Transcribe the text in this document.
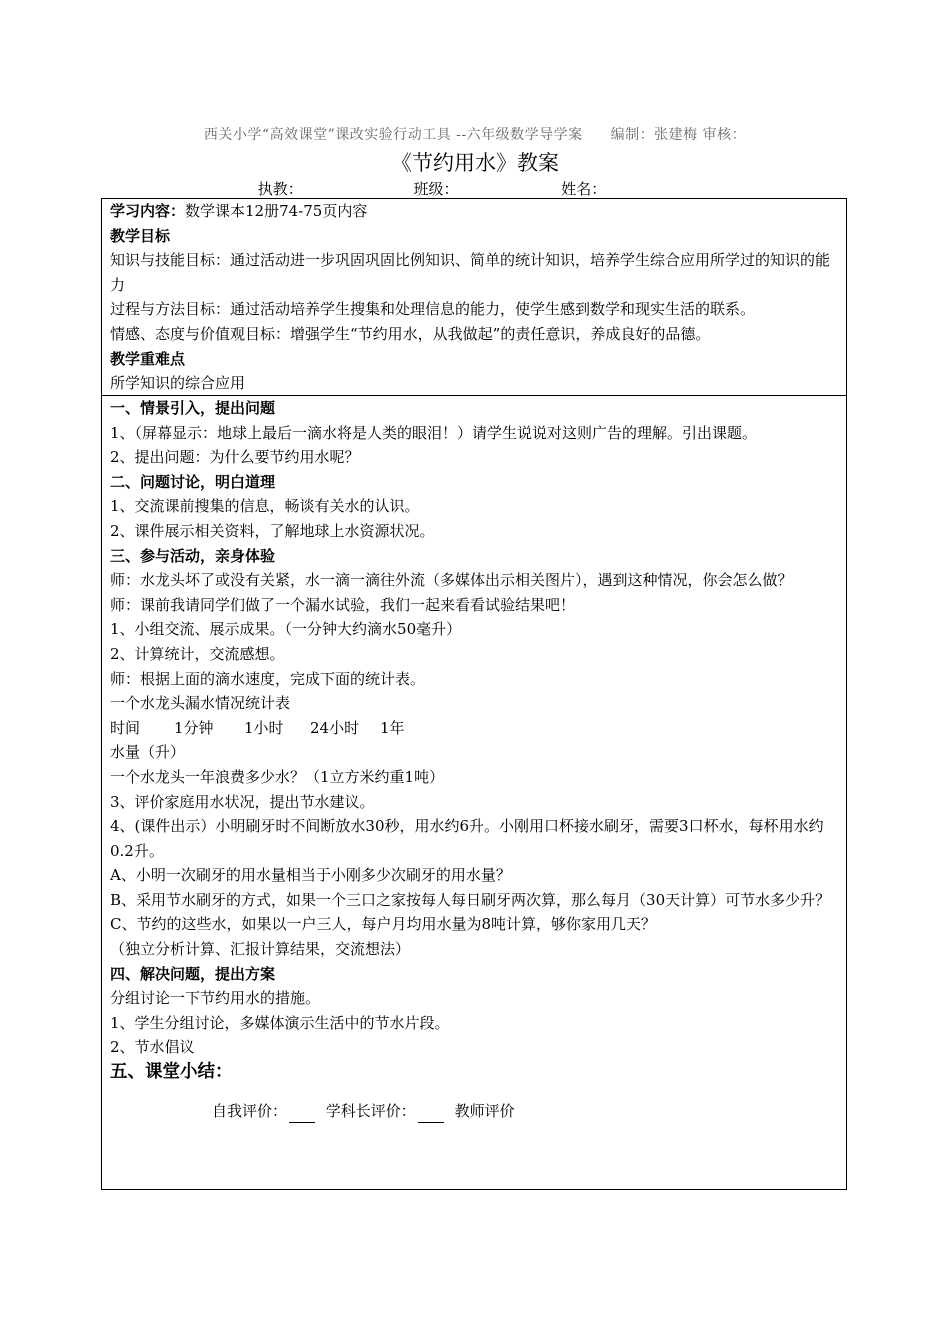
西关小学“高效课堂”课改实验行动工具 --六年级数学导学案 编制：张建梅 审核：
《节约用水》教案
执教：	班级：	姓名：
学习内容：数学课本12册74-75页内容
教学目标
知识与技能目标：通过活动进一步巩固巩固比例知识、简单的统计知识，培养学生综合应用所学过的知识的能力
过程与方法目标：通过活动培养学生搜集和处理信息的能力，使学生感到数学和现实生活的联系。
情感、态度与价值观目标：增强学生“节约用水，从我做起”的责任意识，养成良好的品德。
教学重难点
所学知识的综合应用
一、情景引入，提出问题
1、（屏幕显示：地球上最后一滴水将是人类的眼泪！）请学生说说对这则广告的理解。引出课题。
2、提出问题：为什么要节约用水呢？
二、问题讨论，明白道理
1、交流课前搜集的信息，畅谈有关水的认识。
2、课件展示相关资料，了解地球上水资源状况。
三、参与活动，亲身体验
师：水龙头坏了或没有关紧，水一滴一滴往外流（多媒体出示相关图片），遇到这种情况，你会怎么做？
师：课前我请同学们做了一个漏水试验，我们一起来看看试验结果吧！
1、小组交流、展示成果。（一分钟大约滴水50毫升）
2、计算统计，交流感想。
师：根据上面的滴水速度，完成下面的统计表。
一个水龙头漏水情况统计表
时间 1分钟 1小时 24小时 1年
水量（升）
一个水龙头一年浪费多少水？（1立方米约重1吨）
3、评价家庭用水状况，提出节水建议。
4、(课件出示）小明刷牙时不间断放水30秒，用水约6升。小刚用口杯接水刷牙，需要3口杯水，每杯用水约0.2升。
A、小明一次刷牙的用水量相当于小刚多少次刷牙的用水量？
B、采用节水刷牙的方式，如果一个三口之家按每人每日刷牙两次算，那么每月（30天计算）可节水多少升？
C、节约的这些水，如果以一户三人，每户月均用水量为8吨计算，够你家用几天？
（独立分析计算、汇报计算结果，交流想法）
四、解决问题，提出方案
分组讨论一下节约用水的措施。
1、学生分组讨论，多媒体演示生活中的节水片段。
2、节水倡议
五、课堂小结：
自我评价：	学科长评价：	教师评价
